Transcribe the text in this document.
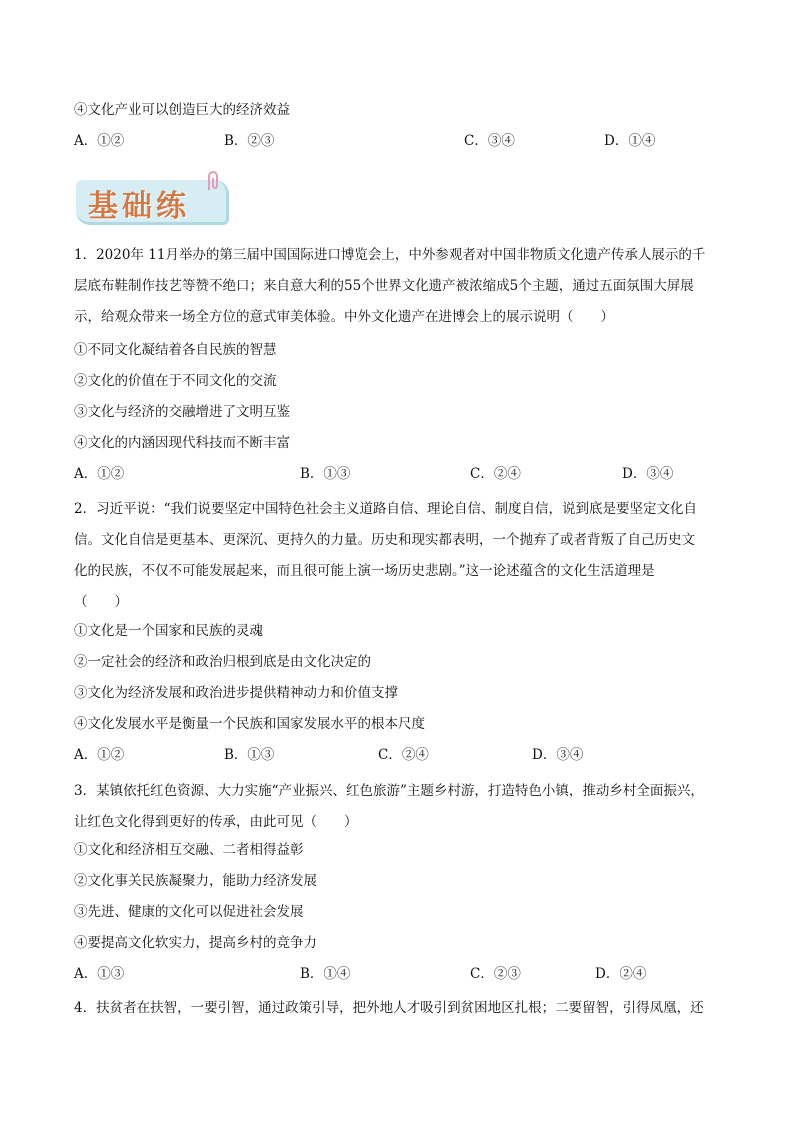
④文化产业可以创造巨大的经济效益
A．①②	B．②③	C．③④	D．①④
基础练
1．2020年 11月举办的第三届中国国际进口博览会上，中外参观者对中国非物质文化遗产传承人展示的千
层底布鞋制作技艺等赞不绝口；来自意大利的55个世界文化遗产被浓缩成5个主题，通过五面氛围大屏展
示，给观众带来一场全方位的意式审美体验。中外文化遗产在进博会上的展示说明（　　）
①不同文化凝结着各自民族的智慧
②文化的价值在于不同文化的交流
③文化与经济的交融增进了文明互鉴
④文化的内涵因现代科技而不断丰富
A．①②	B．①③	C．②④	D．③④
2．习近平说：“我们说要坚定中国特色社会主义道路自信、理论自信、制度自信，说到底是要坚定文化自
信。文化自信是更基本、更深沉、更持久的力量。历史和现实都表明，一个抛弃了或者背叛了自己历史文
化的民族，不仅不可能发展起来，而且很可能上演一场历史悲剧。”这一论述蕴含的文化生活道理是
（　　）
①文化是一个国家和民族的灵魂
②一定社会的经济和政治归根到底是由文化决定的
③文化为经济发展和政治进步提供精神动力和价值支撑
④文化发展水平是衡量一个民族和国家发展水平的根本尺度
A．①②	B．①③	C．②④	D．③④
3．某镇依托红色资源、大力实施“产业振兴、红色旅游”主题乡村游，打造特色小镇，推动乡村全面振兴，
让红色文化得到更好的传承，由此可见（　　）
①文化和经济相互交融、二者相得益彰
②文化事关民族凝聚力，能助力经济发展
③先进、健康的文化可以促进社会发展
④要提高文化软实力，提高乡村的竞争力
A．①③	B．①④	C．②③	D．②④
4．扶贫者在扶智，一要引智，通过政策引导，把外地人才吸引到贫困地区扎根；二要留智，引得凤凰，还
